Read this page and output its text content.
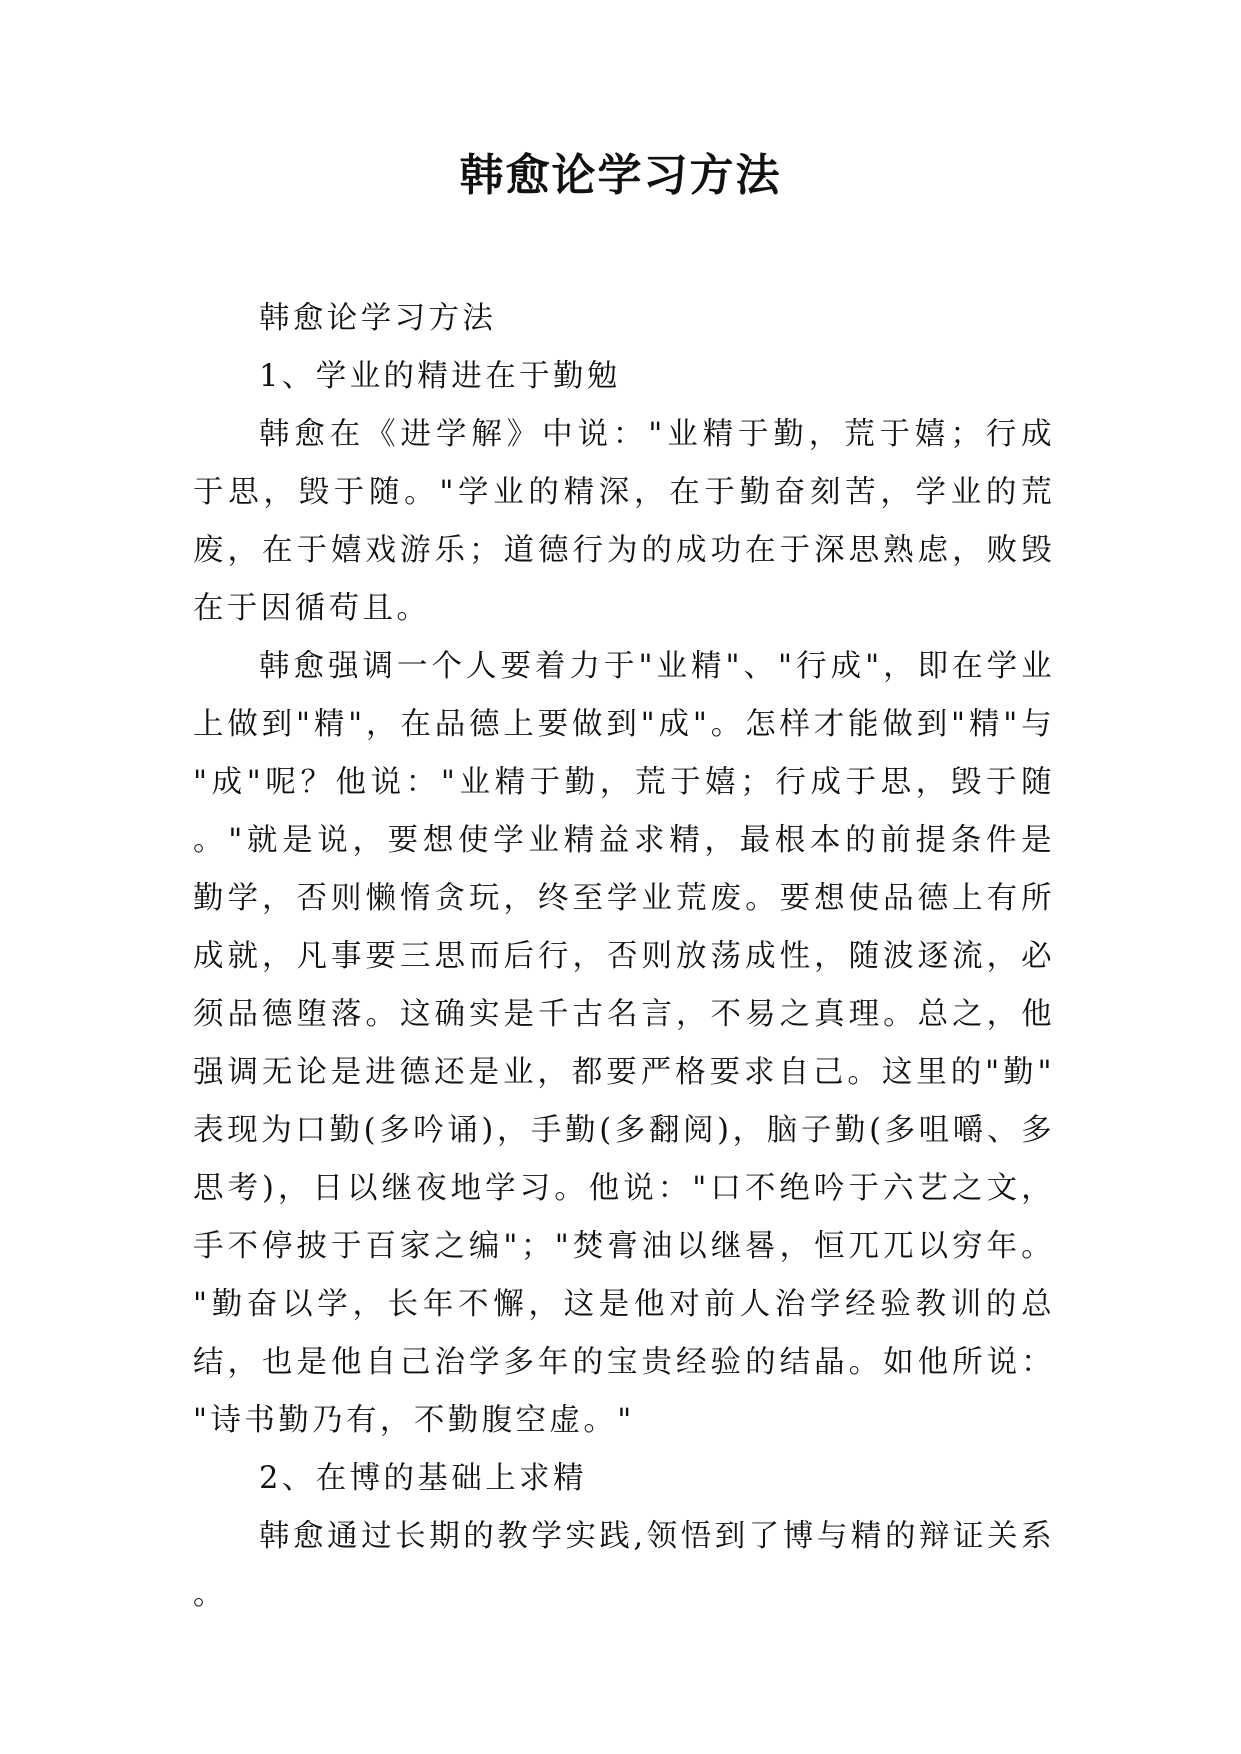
韩愈论学习方法

韩愈论学习方法

1、学业的精进在于勤勉

韩愈在《进学解》中说："业精于勤，荒于嬉；行成于思，毁于随。"学业的精深，在于勤奋刻苦，学业的荒废，在于嬉戏游乐；道德行为的成功在于深思熟虑，败毁在于因循苟且。

韩愈强调一个人要着力于"业精"、"行成"，即在学业上做到"精"，在品德上要做到"成"。怎样才能做到"精"与"成"呢？他说："业精于勤，荒于嬉；行成于思，毁于随。"就是说，要想使学业精益求精，最根本的前提条件是勤学，否则懒惰贪玩，终至学业荒废。要想使品德上有所成就，凡事要三思而后行，否则放荡成性，随波逐流，必须品德堕落。这确实是千古名言，不易之真理。总之，他强调无论是进德还是业，都要严格要求自己。这里的"勤"表现为口勤(多吟诵)，手勤(多翻阅)，脑子勤(多咀嚼、多思考)，日以继夜地学习。他说："口不绝吟于六艺之文，手不停披于百家之编"；"焚膏油以继晷，恒兀兀以穷年。"勤奋以学，长年不懈，这是他对前人治学经验教训的总结，也是他自己治学多年的宝贵经验的结晶。如他所说："诗书勤乃有，不勤腹空虚。"

2、在博的基础上求精

韩愈通过长期的教学实践,领悟到了博与精的辩证关系。
